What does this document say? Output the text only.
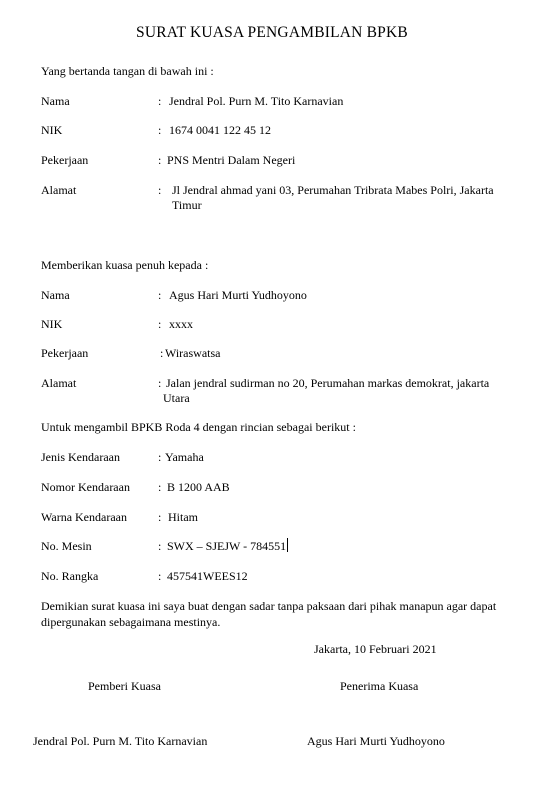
SURAT KUASA PENGAMBILAN BPKB
Yang bertanda tangan di bawah ini :
Nama	: Jendral Pol. Purn M. Tito Karnavian
NIK	: 1674 0041 122 45 12
Pekerjaan	: PNS Mentri Dalam Negeri
Alamat	: Jl Jendral ahmad yani 03, Perumahan Tribrata Mabes Polri, Jakarta
Timur
Memberikan kuasa penuh kepada :
Nama	: Agus Hari Murti Yudhoyono
NIK	: xxxx
Pekerjaan	: Wiraswatsa
Alamat	: Jalan jendral sudirman no 20, Perumahan markas demokrat, jakarta
Utara
Untuk mengambil BPKB Roda 4 dengan rincian sebagai berikut :
Jenis Kendaraan	: Yamaha
Nomor Kendaraan : B 1200 AAB
Warna Kendaraan	: Hitam
No. Mesin	: SWX – SJEJW - 784551
No. Rangka	: 457541WEES12
Demikian surat kuasa ini saya buat dengan sadar tanpa paksaan dari pihak manapun agar dapat dipergunakan sebagaimana mestinya.
Jakarta, 10 Februari 2021
Pemberi Kuasa	Penerima Kuasa
Jendral Pol. Purn M. Tito Karnavian	Agus Hari Murti Yudhoyono
